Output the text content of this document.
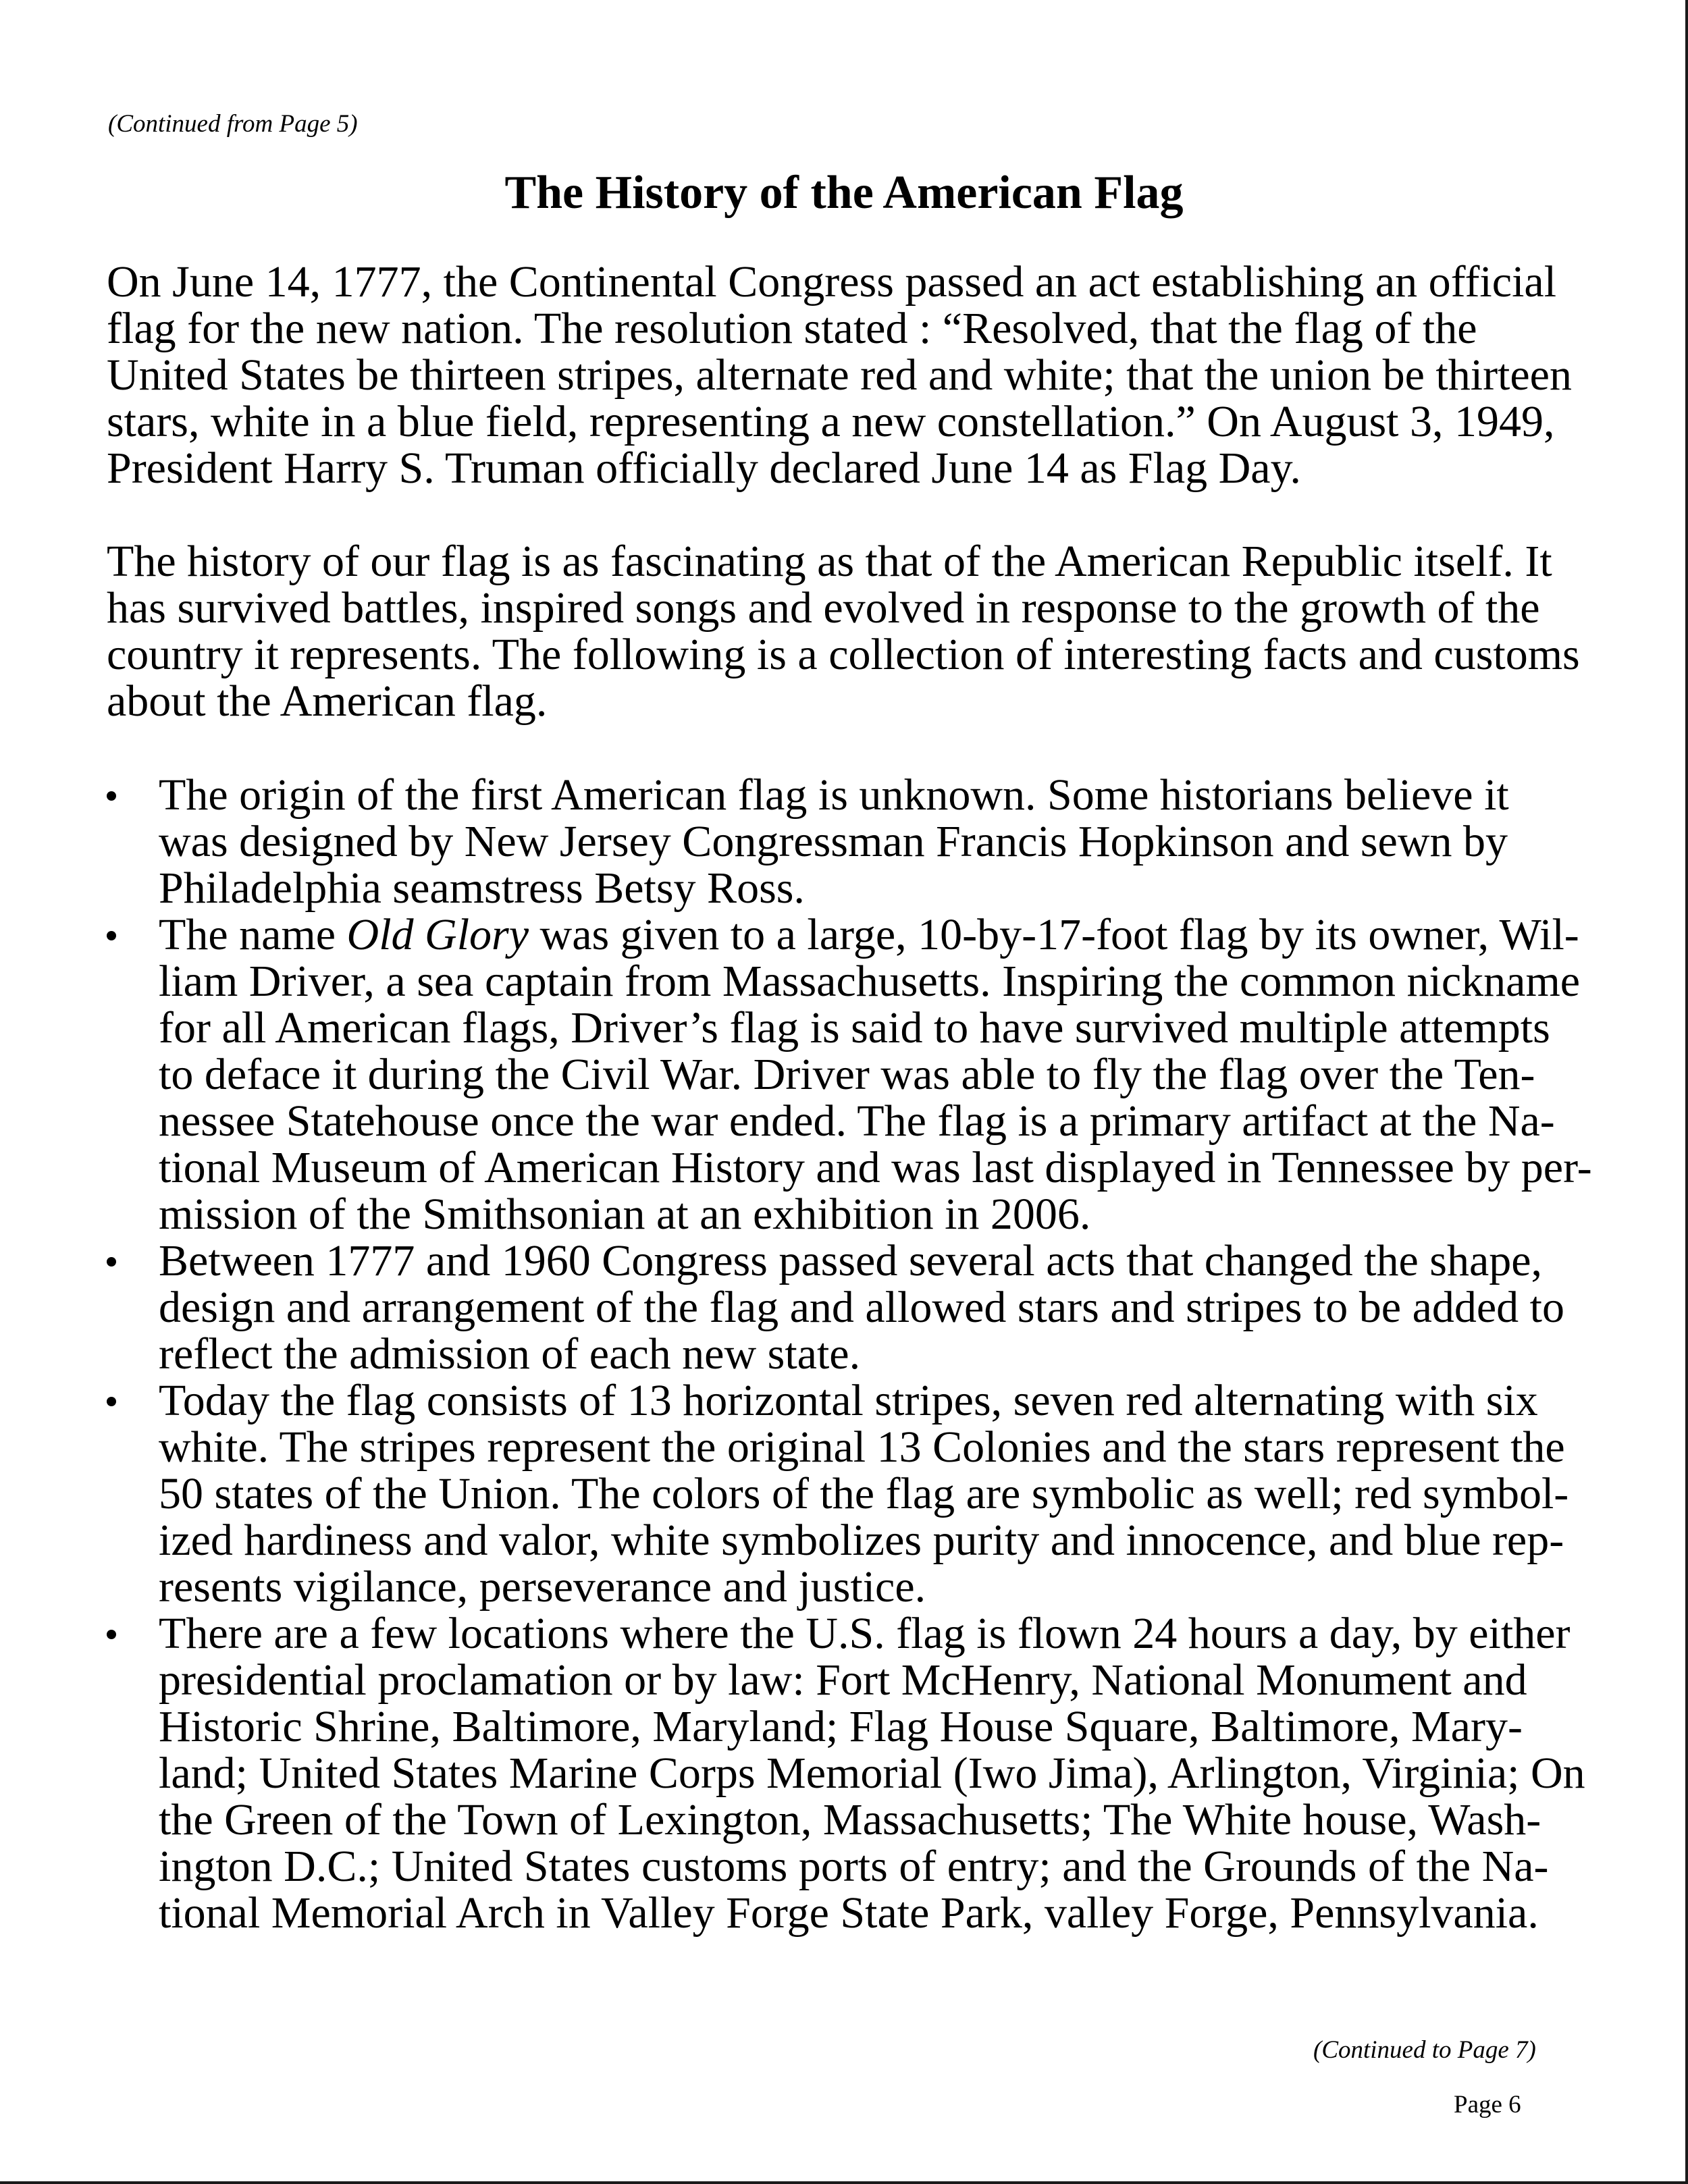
(Continued from Page 5)
The History of the American Flag
On June 14, 1777, the Continental Congress passed an act establishing an official
flag for the new nation. The resolution stated : “Resolved, that the flag of the
United States be thirteen stripes, alternate red and white; that the union be thirteen
stars, white in a blue field, representing a new constellation.” On August 3, 1949,
President Harry S. Truman officially declared June 14 as Flag Day.
The history of our flag is as fascinating as that of the American Republic itself. It
has survived battles, inspired songs and evolved in response to the growth of the
country it represents. The following is a collection of interesting facts and customs
about the American flag.
The origin of the first American flag is unknown. Some historians believe it
was designed by New Jersey Congressman Francis Hopkinson and sewn by
Philadelphia seamstress Betsy Ross.
The name Old Glory was given to a large, 10-by-17-foot flag by its owner, Wil-
liam Driver, a sea captain from Massachusetts. Inspiring the common nickname
for all American flags, Driver’s flag is said to have survived multiple attempts
to deface it during the Civil War. Driver was able to fly the flag over the Ten-
nessee Statehouse once the war ended. The flag is a primary artifact at the Na-
tional Museum of American History and was last displayed in Tennessee by per-
mission of the Smithsonian at an exhibition in 2006.
Between 1777 and 1960 Congress passed several acts that changed the shape,
design and arrangement of the flag and allowed stars and stripes to be added to
reflect the admission of each new state.
Today the flag consists of 13 horizontal stripes, seven red alternating with six
white. The stripes represent the original 13 Colonies and the stars represent the
50 states of the Union. The colors of the flag are symbolic as well; red symbol-
ized hardiness and valor, white symbolizes purity and innocence, and blue rep-
resents vigilance, perseverance and justice.
There are a few locations where the U.S. flag is flown 24 hours a day, by either
presidential proclamation or by law: Fort McHenry, National Monument and
Historic Shrine, Baltimore, Maryland; Flag House Square, Baltimore, Mary-
land; United States Marine Corps Memorial (Iwo Jima), Arlington, Virginia; On
the Green of the Town of Lexington, Massachusetts; The White house, Wash-
ington D.C.; United States customs ports of entry; and the Grounds of the Na-
tional Memorial Arch in Valley Forge State Park, valley Forge, Pennsylvania.
(Continued to Page 7)
Page 6
